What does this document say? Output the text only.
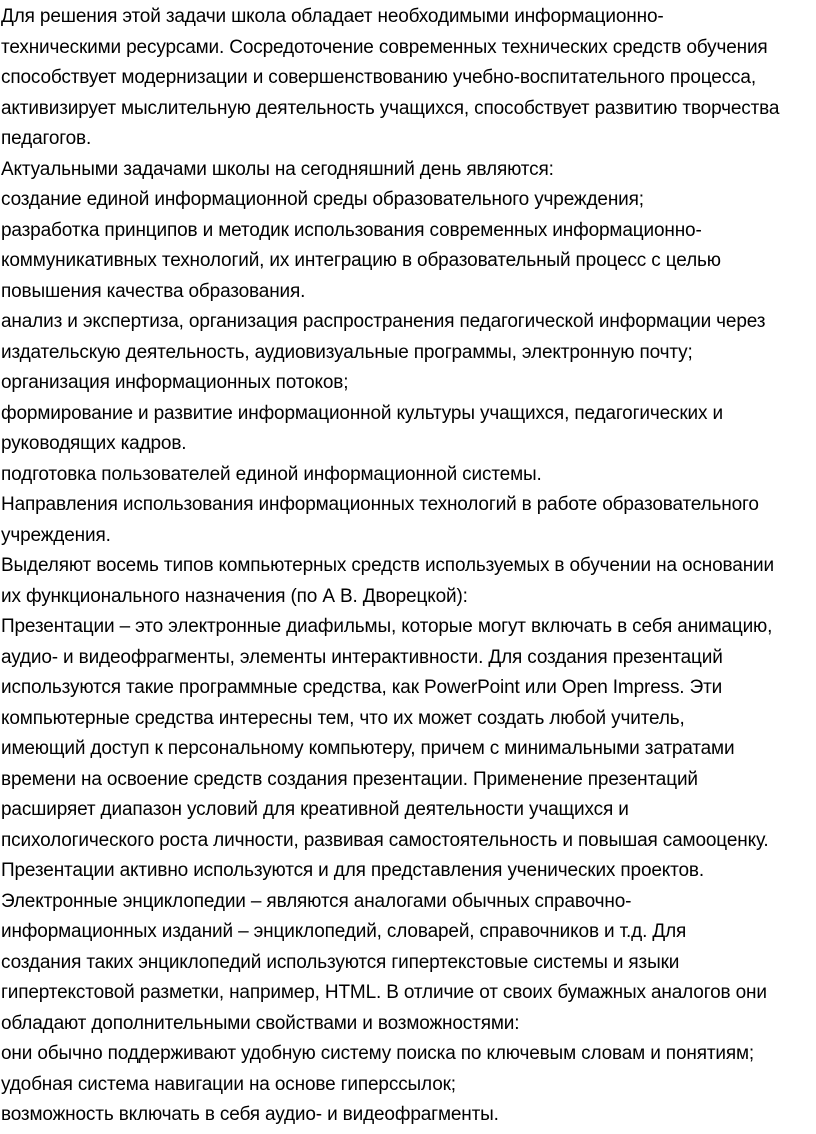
Для решения этой задачи школа обладает необходимыми информационно-
техническими ресурсами. Сосредоточение современных технических средств обучения
способствует модернизации и совершенствованию учебно-воспитательного процесса,
активизирует мыслительную деятельность учащихся, способствует развитию творчества
педагогов.
Актуальными задачами школы на сегодняшний день являются:
создание единой информационной среды образовательного учреждения;
разработка принципов и методик использования современных информационно-
коммуникативных технологий, их интеграцию в образовательный процесс с целью
повышения качества образования.
анализ и экспертиза, организация распространения педагогической информации через
издательскую деятельность, аудиовизуальные программы, электронную почту;
организация информационных потоков;
формирование и развитие информационной культуры учащихся, педагогических и
руководящих кадров.
подготовка пользователей единой информационной системы.
Направления использования информационных технологий в работе образовательного
учреждения.
Выделяют восемь типов компьютерных средств используемых в обучении на основании
их функционального назначения (по А В. Дворецкой):
Презентации – это электронные диафильмы, которые могут включать в себя анимацию,
аудио- и видеофрагменты, элементы интерактивности. Для создания презентаций
используются такие программные средства, как PowerPoint или Open Impress. Эти
компьютерные средства интересны тем, что их может создать любой учитель,
имеющий доступ к персональному компьютеру, причем с минимальными затратами
времени на освоение средств создания презентации. Применение презентаций
расширяет диапазон условий для креативной деятельности учащихся и
психологического роста личности, развивая самостоятельность и повышая самооценку.
Презентации активно используются и для представления ученических проектов.
Электронные энциклопедии – являются аналогами обычных справочно-
информационных изданий – энциклопедий, словарей, справочников и т.д. Для
создания таких энциклопедий используются гипертекстовые системы и языки
гипертекстовой разметки, например, HTML. В отличие от своих бумажных аналогов они
обладают дополнительными свойствами и возможностями:
они обычно поддерживают удобную систему поиска по ключевым словам и понятиям;
удобная система навигации на основе гиперссылок;
возможность включать в себя аудио- и видеофрагменты.
